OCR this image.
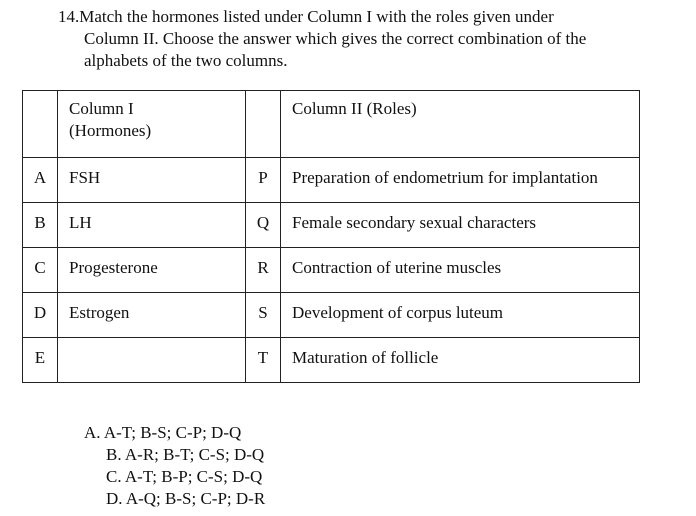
14.Match the hormones listed under Column I with the roles given under
Column II. Choose the answer which gives the correct combination of the
alphabets of the two columns.

	Column I
(Hormones)		Column II (Roles)

A	FSH	P	Preparation of endometrium for implantation

B	LH	Q	Female secondary sexual characters

C	Progesterone	R	Contraction of uterine muscles

D	Estrogen	S	Development of corpus luteum

E		T	Maturation of follicle
A. A-T; B-S; C-P; D-Q
B. A-R; B-T; C-S; D-Q
C. A-T; B-P; C-S; D-Q
D. A-Q; B-S; C-P; D-R
